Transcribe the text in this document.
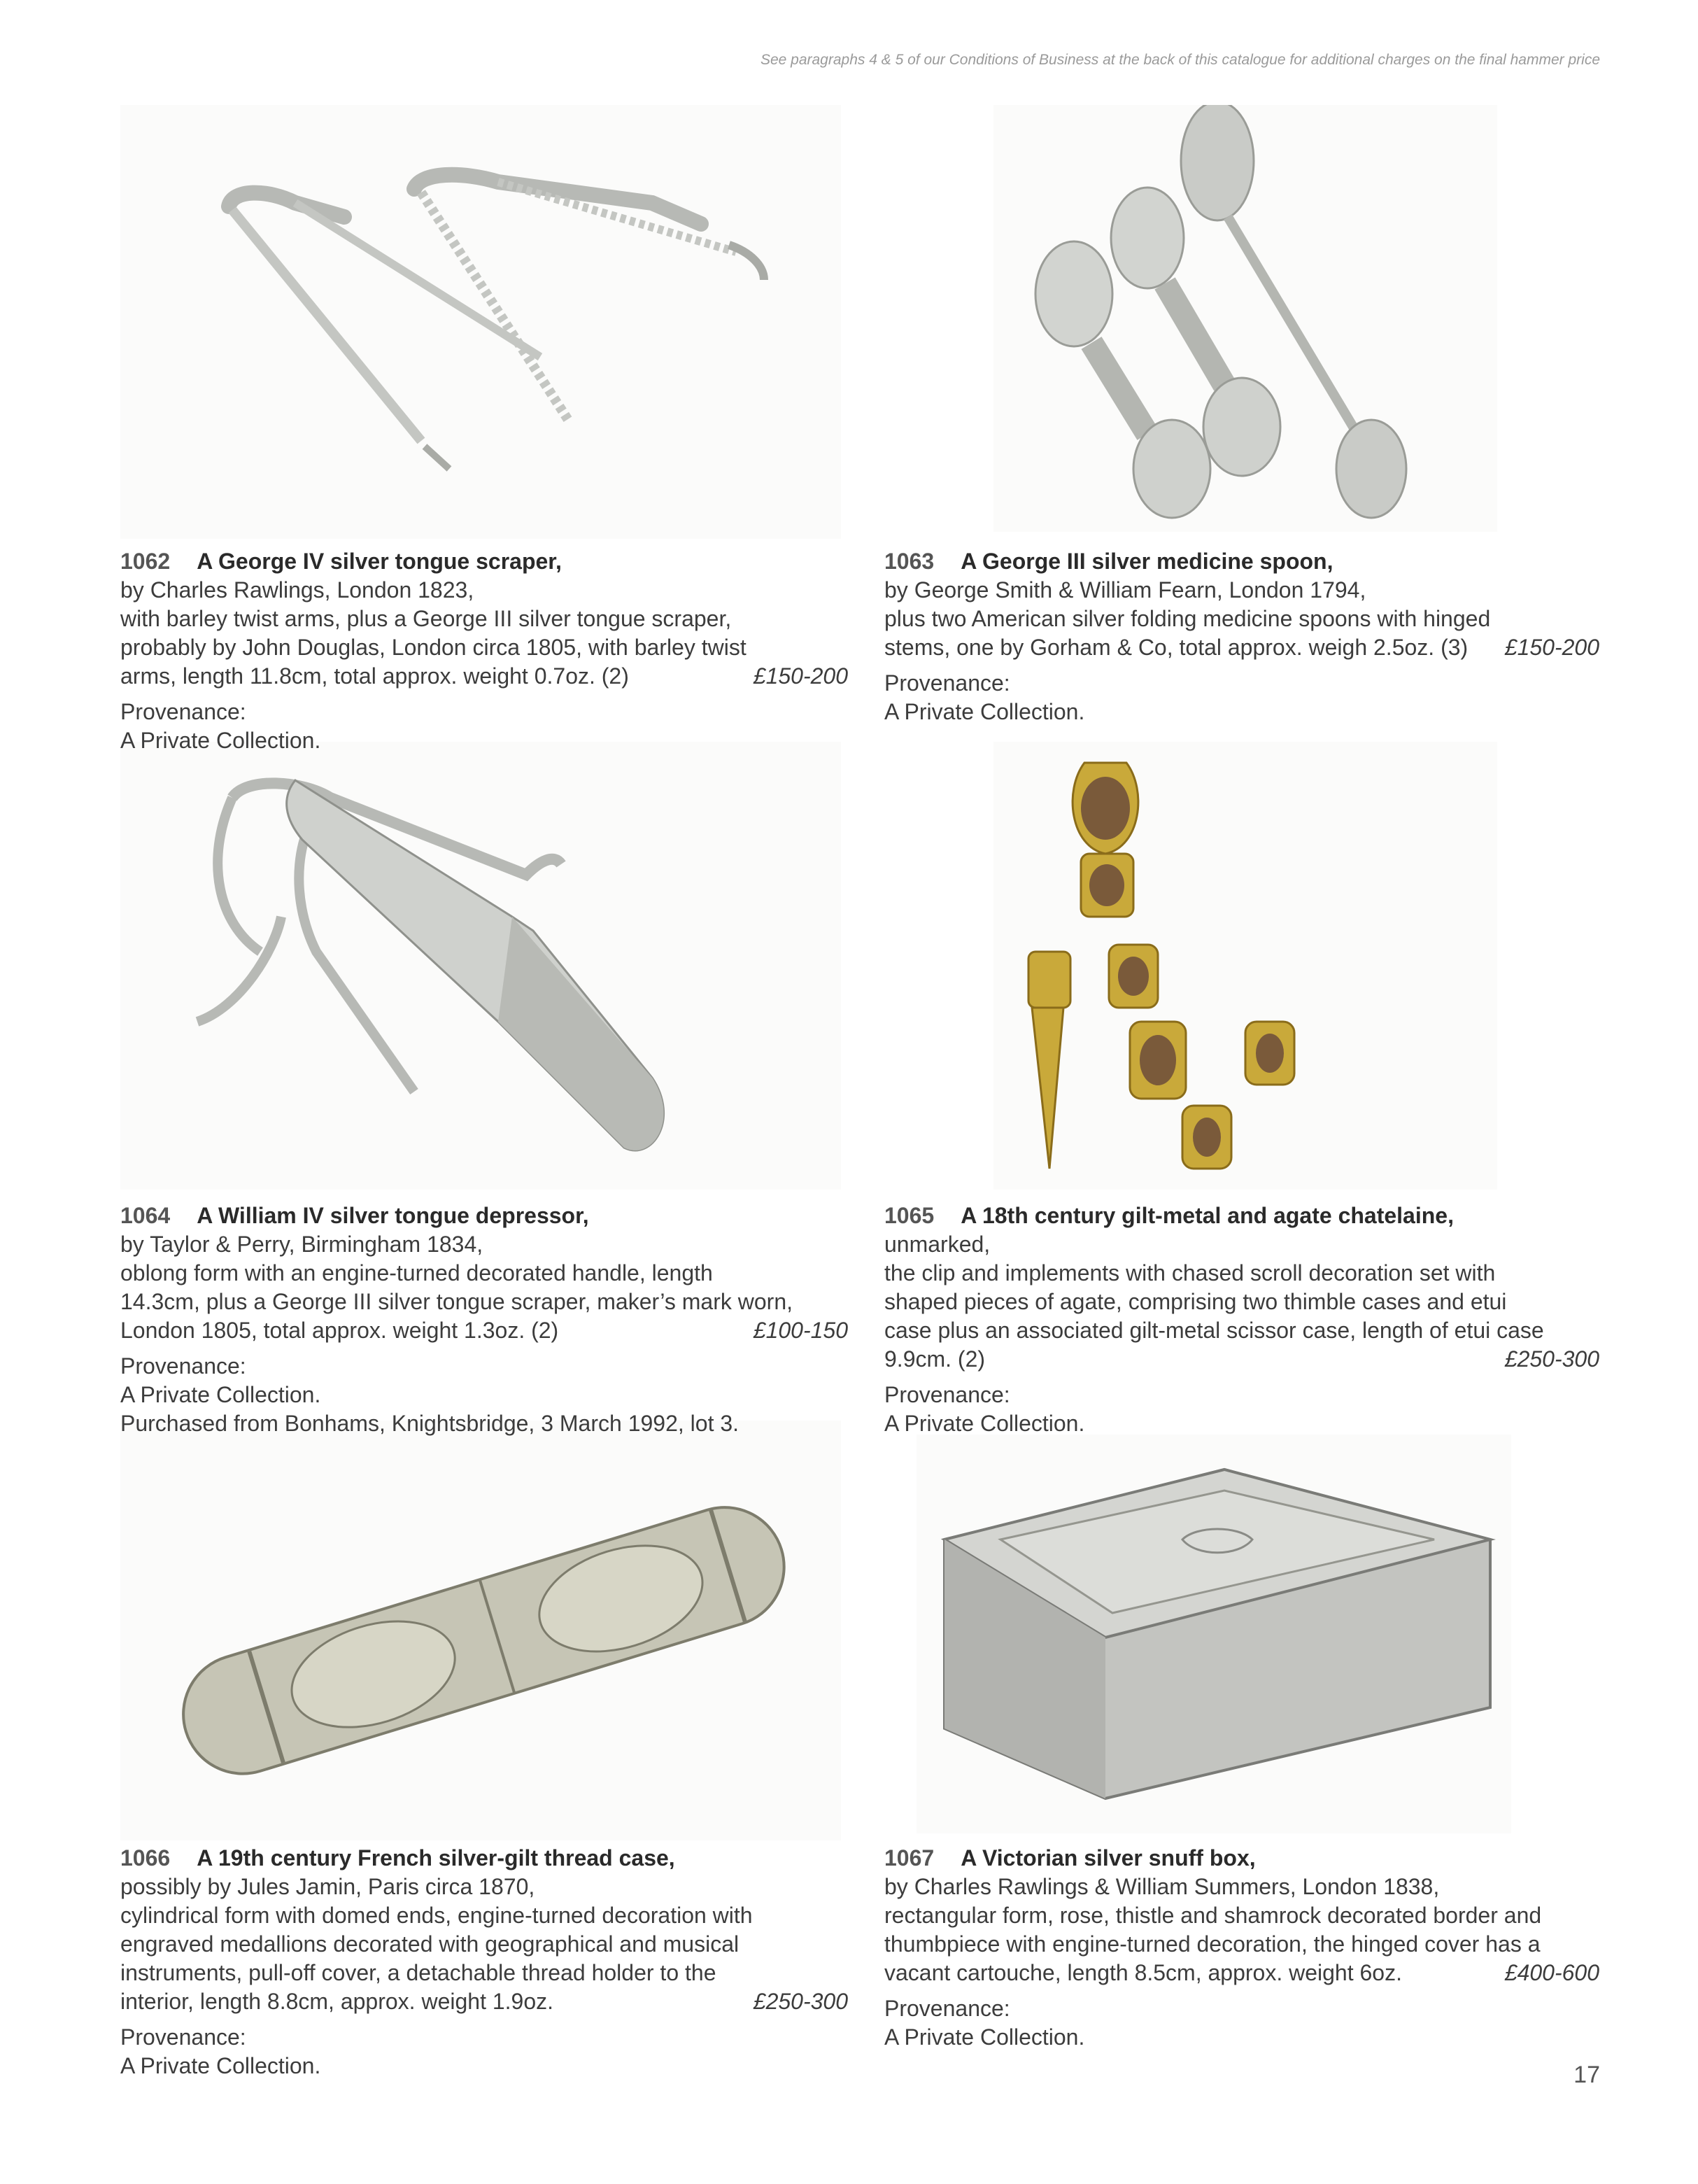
See paragraphs 4 & 5 of our Conditions of Business at the back of this catalogue for additional charges on the final hammer price

1062 A George IV silver tongue scraper,

by Charles Rawlings, London 1823,

with barley twist arms, plus a George III silver tongue scraper,

probably by John Douglas, London circa 1805, with barley twist

arms, length 11.8cm, total approx. weight 0.7oz. (2)	£150-200

Provenance:

A Private Collection.

1063 A George III silver medicine spoon,

by George Smith & William Fearn, London 1794,

plus two American silver folding medicine spoons with hinged

stems, one by Gorham & Co, total approx. weigh 2.5oz. (3)	£150-200

Provenance:

A Private Collection.

1064 A William IV silver tongue depressor,

by Taylor & Perry, Birmingham 1834,

oblong form with an engine-turned decorated handle, length

14.3cm, plus a George III silver tongue scraper, maker’s mark worn,

London 1805, total approx. weight 1.3oz. (2)	£100-150

Provenance:

A Private Collection.

Purchased from Bonhams, Knightsbridge, 3 March 1992, lot 3.

1065 A 18th century gilt-metal and agate chatelaine,

unmarked,

the clip and implements with chased scroll decoration set with

shaped pieces of agate, comprising two thimble cases and etui

case plus an associated gilt-metal scissor case, length of etui case

9.9cm. (2)	£250-300

Provenance:

A Private Collection.

1066 A 19th century French silver-gilt thread case,

possibly by Jules Jamin, Paris circa 1870,

cylindrical form with domed ends, engine-turned decoration with

engraved medallions decorated with geographical and musical

instruments, pull-off cover, a detachable thread holder to the

interior, length 8.8cm, approx. weight 1.9oz.	£250-300

Provenance:

A Private Collection.

1067 A Victorian silver snuff box,

by Charles Rawlings & William Summers, London 1838,

rectangular form, rose, thistle and shamrock decorated border and

thumbpiece with engine-turned decoration, the hinged cover has a

vacant cartouche, length 8.5cm, approx. weight 6oz.	£400-600

Provenance:

A Private Collection.

17
